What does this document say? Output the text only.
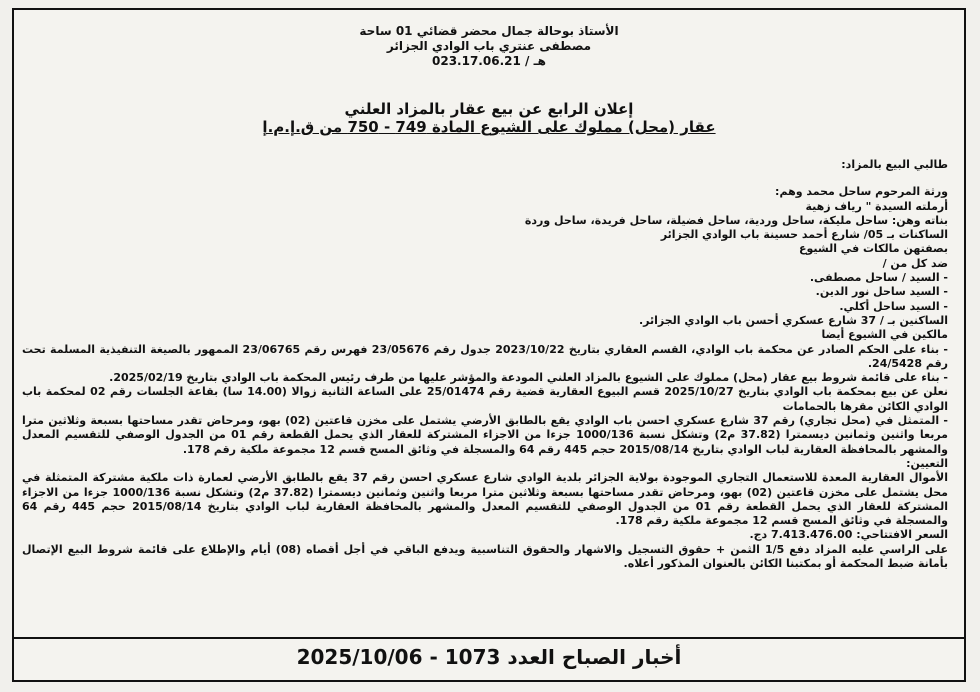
الأستاذ بوحالة جمال محضر قضائي 01 ساحة
مصطفى عنتري باب الوادي الجزائر
هـ / 023.17.06.21
إعلان الرابع عن بيع عقار بالمزاد العلني
عقار (محل) مملوك على الشيوع المادة 749 - 750 من ق.إ.م.إ

طالبي البيع بالمزاد:

ورثة المرحوم ساحل محمد وهم:

أرملته السيدة " رياف زهية

بناته وهن: ساحل مليكة، ساحل وردية، ساحل فضيلة، ساحل فريدة، ساحل وردة

الساكنات بـ 05/ شارع أحمد حسينة باب الوادي الجزائر

بصفتهن مالكات في الشيوع

ضد كل من /

- السيد / ساحل مصطفى.

- السيد ساحل نور الدين.

- السيد ساحل أكلي.

الساكنين بـ / 37 شارع عسكري أحسن باب الوادي الجزائر.

مالكين في الشيوع أيضا

- بناء على الحكم الصادر عن محكمة باب الوادي، القسم العقاري بتاريخ 2023/10/22 جدول رقم 23/05676 فهرس رقم 23/06765 الممهور بالصيغة التنفيذية المسلمة تحت رقم 24/5428.

- بناء على قائمة شروط بيع عقار (محل) مملوك على الشيوع بالمزاد العلني المودعة والمؤشر عليها من طرف رئيس المحكمة باب الوادي بتاريخ 2025/02/19.

نعلن عن بيع بمحكمة باب الوادي بتاريخ 2025/10/27 قسم البيوع العقارية قضية رقم 25/01474 على الساعة الثانية زوالا (14.00 سا) بقاعة الجلسات رقم 02 لمحكمة باب الوادي الكائن مقرها بالحمامات

- المتمثل في (محل تجاري) رقم 37 شارع عسكري احسن باب الوادي يقع بالطابق الأرضي يشتمل على مخزن قاعتين (02) بهو، ومرحاض تقدر مساحتها بسبعة وثلاثين مترا مربعا واثنين وثمانين ديسمترا (37.82 م2) وتشكل نسبة 1000/136 جزءا من الاجزاء المشتركة للعقار الذي يحمل القطعة رقم 01 من الجدول الوصفي للتقسيم المعدل والمشهر بالمحافظة العقارية لباب الوادي بتاريخ 2015/08/14 حجم 445 رقم 64 والمسجلة في وثائق المسح قسم 12 مجموعة ملكية رقم 178.

التعيين:

الأموال العقارية المعدة للاستعمال التجاري الموجودة بولاية الجزائر بلدية الوادي شارع عسكري احسن رقم 37 يقع بالطابق الأرضي لعمارة ذات ملكية مشتركة المتمثلة في محل يشتمل على مخزن قاعتين (02) بهو، ومرحاض تقدر مساحتها بسبعة وثلاثين مترا مربعا واثنين وثمانين ديسمترا (37.82 م2) وتشكل نسبة 1000/136 جزءا من الاجزاء المشتركة للعقار الذي يحمل القطعة رقم 01 من الجدول الوصفي للتقسيم المعدل والمشهر بالمحافظة العقارية لباب الوادي بتاريخ 2015/08/14 حجم 445 رقم 64 والمسجلة في وثائق المسح قسم 12 مجموعة ملكية رقم 178.

السعر الافتتاحي: 7.413.476.00 دج.

على الراسي عليه المزاد دفع 1/5 الثمن + حقوق التسجيل والاشهار والحقوق التناسبية ويدفع الباقي في أجل أقصاه (08) أيام والإطلاع على قائمة شروط البيع الإتصال بأمانة ضبط المحكمة أو بمكتبنا الكائن بالعنوان المذكور أعلاه.

أخبار الصباح العدد 1073 - 2025/10/06
